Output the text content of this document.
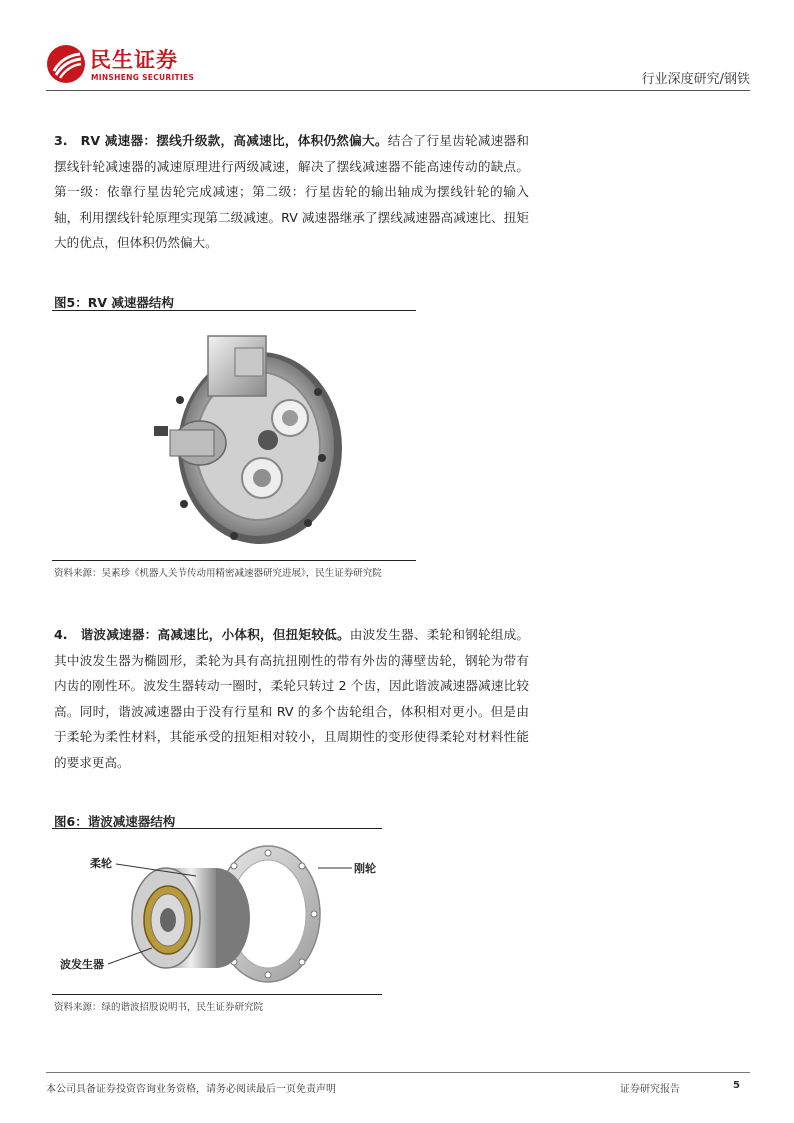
民生证券
MINSHENG SECURITIES	行业深度研究/钢铁
3.　RV 减速器：摆线升级款，高减速比，体积仍然偏大。结合了行星齿轮减速器和摆线针轮减速器的减速原理进行两级减速，解决了摆线减速器不能高速传动的缺点。第一级：依靠行星齿轮完成减速；第二级：行星齿轮的输出轴成为摆线针轮的输入轴，利用摆线针轮原理实现第二级减速。RV 减速器继承了摆线减速器高减速比、扭矩大的优点，但体积仍然偏大。
图5：RV 减速器结构
资料来源：吴素珍《机器人关节传动用精密减速器研究进展》，民生证券研究院
4.　谐波减速器：高减速比，小体积，但扭矩较低。由波发生器、柔轮和钢轮组成。其中波发生器为椭圆形，柔轮为具有高抗扭刚性的带有外齿的薄壁齿轮，钢轮为带有内齿的刚性环。波发生器转动一圈时，柔轮只转过 2 个齿，因此谐波减速器减速比较高。同时，谐波减速器由于没有行星和 RV 的多个齿轮组合，体积相对更小。但是由于柔轮为柔性材料，其能承受的扭矩相对较小，且周期性的变形使得柔轮对材料性能的要求更高。
图6：谐波减速器结构
柔轮	刚轮
波发生器
资料来源：绿的谐波招股说明书，民生证券研究院
本公司具备证券投资咨询业务资格，请务必阅读最后一页免责声明	证券研究报告	5
